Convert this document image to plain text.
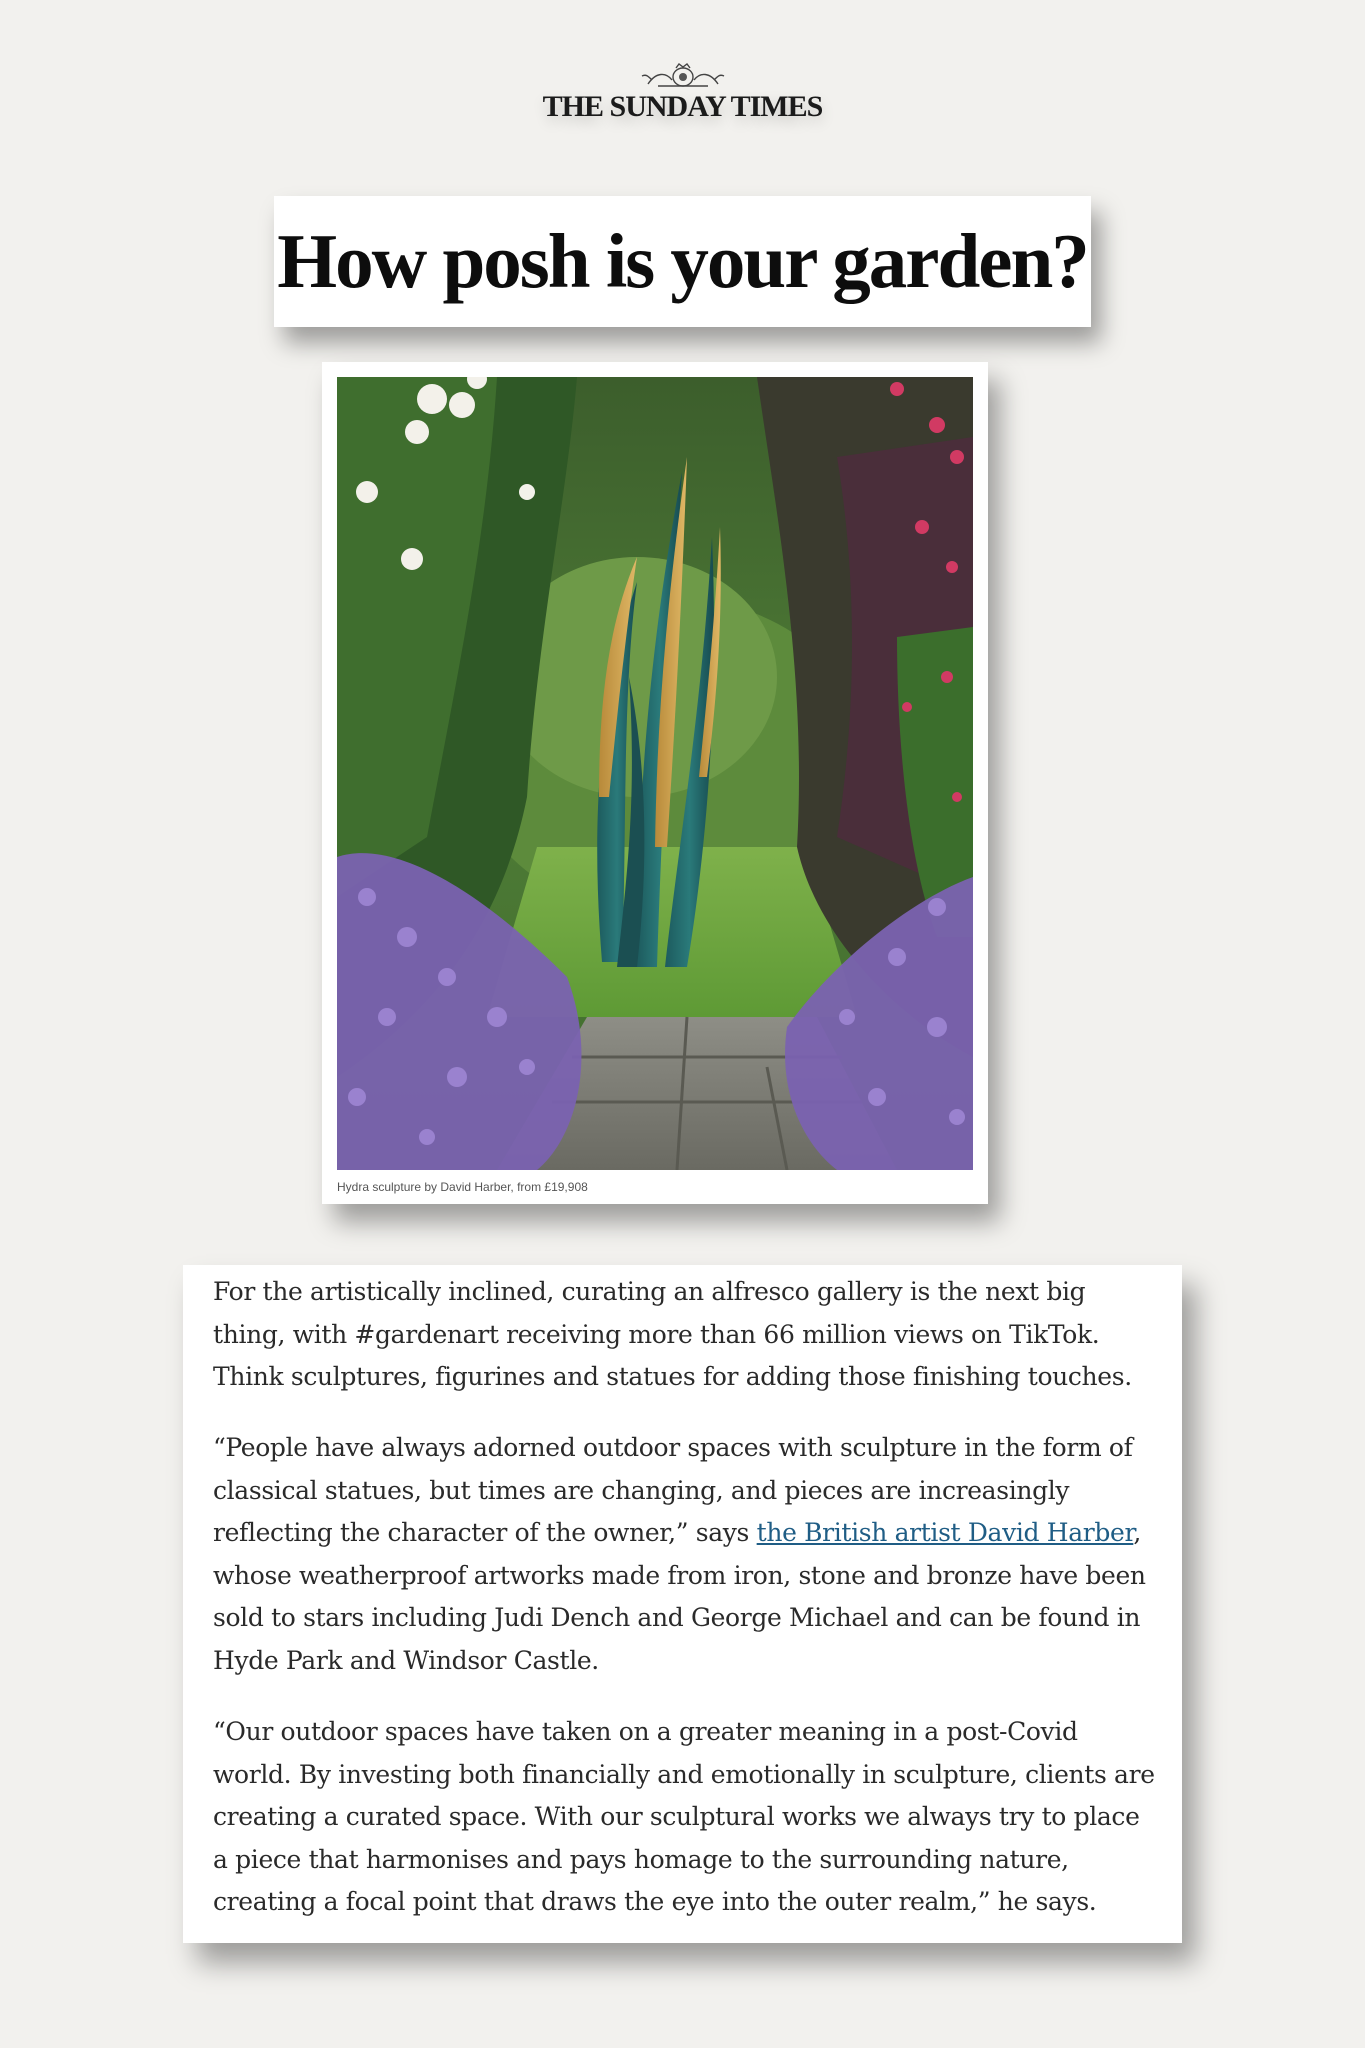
THE SUNDAY TIMES
How posh is your garden?
Hydra sculpture by David Harber, from £19,908

For the artistically inclined, curating an alfresco gallery is the next big thing, with #gardenart receiving more than 66 million views on TikTok. Think sculptures, figurines and statues for adding those finishing touches.

“People have always adorned outdoor spaces with sculpture in the form of classical statues, but times are changing, and pieces are increasingly reflecting the character of the owner,” says the British artist David Harber, whose weatherproof artworks made from iron, stone and bronze have been sold to stars including Judi Dench and George Michael and can be found in Hyde Park and Windsor Castle.

“Our outdoor spaces have taken on a greater meaning in a post-Covid world. By investing both financially and emotionally in sculpture, clients are creating a curated space. With our sculptural works we always try to place a piece that harmonises and pays homage to the surrounding nature, creating a focal point that draws the eye into the outer realm,” he says.
